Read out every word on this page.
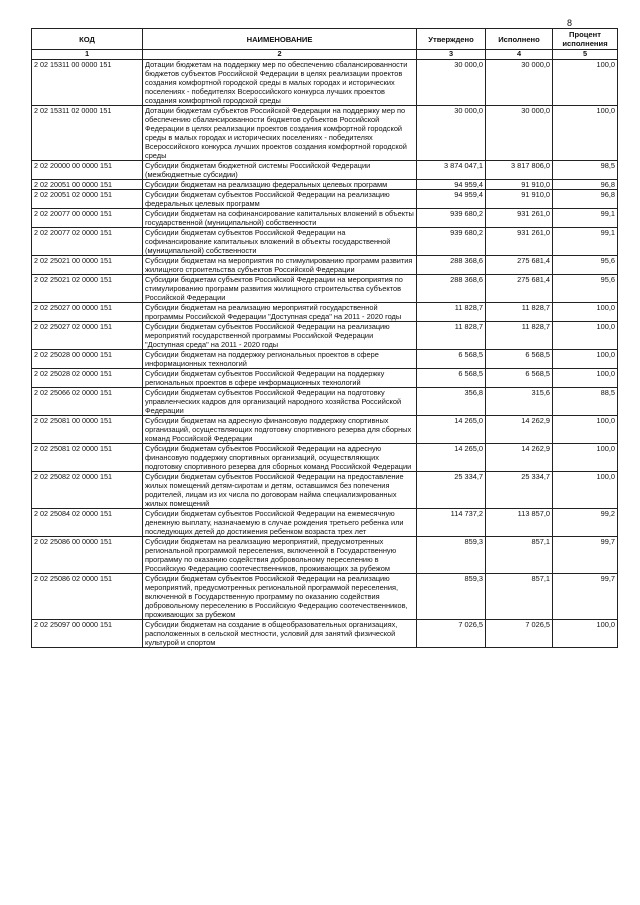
8
КОД	НАИМЕНОВАНИЕ	Утверждено	Исполнено	Процент исполнения
1	2	3	4	5
2 02 15311 00 0000 151	Дотации бюджетам на поддержку мер по обеспечению сбалансированности бюджетов субъектов Российской Федерации в целях реализации проектов создания комфортной городской среды в малых городах и исторических поселениях - победителях Всероссийского конкурса лучших проектов создания комфортной городской среды	30 000,0	30 000,0	100,0
2 02 15311 02 0000 151	Дотации бюджетам субъектов Российской Федерации на поддержку мер по обеспечению сбалансированности бюджетов субъектов Российской Федерации в целях реализации проектов создания комфортной городской среды в малых городах и исторических поселениях - победителях Всероссийского конкурса лучших проектов создания комфортной городской среды	30 000,0	30 000,0	100,0
2 02 20000 00 0000 151	Субсидии бюджетам бюджетной системы Российской Федерации (межбюджетные субсидии)	3 874 047,1	3 817 806,0	98,5
2 02 20051 00 0000 151	Субсидии бюджетам на реализацию федеральных целевых программ	94 959,4	91 910,0	96,8
2 02 20051 02 0000 151	Субсидии бюджетам субъектов Российской Федерации на реализацию федеральных целевых программ	94 959,4	91 910,0	96,8
2 02 20077 00 0000 151	Субсидии бюджетам на софинансирование капитальных вложений в объекты государственной (муниципальной) собственности	939 680,2	931 261,0	99,1
2 02 20077 02 0000 151	Субсидии бюджетам субъектов Российской Федерации на софинансирование капитальных вложений в объекты государственной (муниципальной) собственности	939 680,2	931 261,0	99,1
2 02 25021 00 0000 151	Субсидии бюджетам на мероприятия по стимулированию программ развития жилищного строительства субъектов Российской Федерации	288 368,6	275 681,4	95,6
2 02 25021 02 0000 151	Субсидии бюджетам субъектов Российской Федерации на мероприятия по стимулированию программ развития жилищного строительства субъектов Российской Федерации	288 368,6	275 681,4	95,6
2 02 25027 00 0000 151	Субсидии бюджетам на реализацию мероприятий государственной программы Российской Федерации "Доступная среда" на 2011 - 2020 годы	11 828,7	11 828,7	100,0
2 02 25027 02 0000 151	Субсидии бюджетам субъектов Российской Федерации на реализацию мероприятий государственной программы Российской Федерации "Доступная среда" на 2011 - 2020 годы	11 828,7	11 828,7	100,0
2 02 25028 00 0000 151	Субсидии бюджетам на поддержку региональных проектов в сфере информационных технологий	6 568,5	6 568,5	100,0
2 02 25028 02 0000 151	Субсидии бюджетам субъектов Российской Федерации на поддержку региональных проектов в сфере информационных технологий	6 568,5	6 568,5	100,0
2 02 25066 02 0000 151	Субсидии бюджетам субъектов Российской Федерации на подготовку управленческих кадров для организаций народного хозяйства Российской Федерации	356,8	315,6	88,5
2 02 25081 00 0000 151	Субсидии бюджетам на адресную финансовую поддержку спортивных организаций, осуществляющих подготовку спортивного резерва для сборных команд Российской Федерации	14 265,0	14 262,9	100,0
2 02 25081 02 0000 151	Субсидии бюджетам субъектов Российской Федерации на адресную финансовую поддержку спортивных организаций, осуществляющих подготовку спортивного резерва для сборных команд Российской Федерации	14 265,0	14 262,9	100,0
2 02 25082 02 0000 151	Субсидии бюджетам субъектов Российской Федерации на предоставление жилых помещений детям-сиротам и детям, оставшимся без попечения родителей, лицам из их числа по договорам найма специализированных жилых помещений	25 334,7	25 334,7	100,0
2 02 25084 02 0000 151	Субсидии бюджетам субъектов Российской Федерации на ежемесячную денежную выплату, назначаемую в случае рождения третьего ребенка или последующих детей до достижения ребенком возраста трех лет	114 737,2	113 857,0	99,2
2 02 25086 00 0000 151	Субсидии бюджетам на реализацию мероприятий, предусмотренных региональной программой переселения, включенной в Государственную программу по оказанию содействия добровольному переселению в Российскую Федерацию соотечественников, проживающих за рубежом	859,3	857,1	99,7
2 02 25086 02 0000 151	Субсидии бюджетам субъектов Российской Федерации на реализацию мероприятий, предусмотренных региональной программой переселения, включенной в Государственную программу по оказанию содействия добровольному переселению в Российскую Федерацию соотечественников, проживающих за рубежом	859,3	857,1	99,7
2 02 25097 00 0000 151	Субсидии бюджетам на создание в общеобразовательных организациях, расположенных в сельской местности, условий для занятий физической культурой и спортом	7 026,5	7 026,5	100,0
